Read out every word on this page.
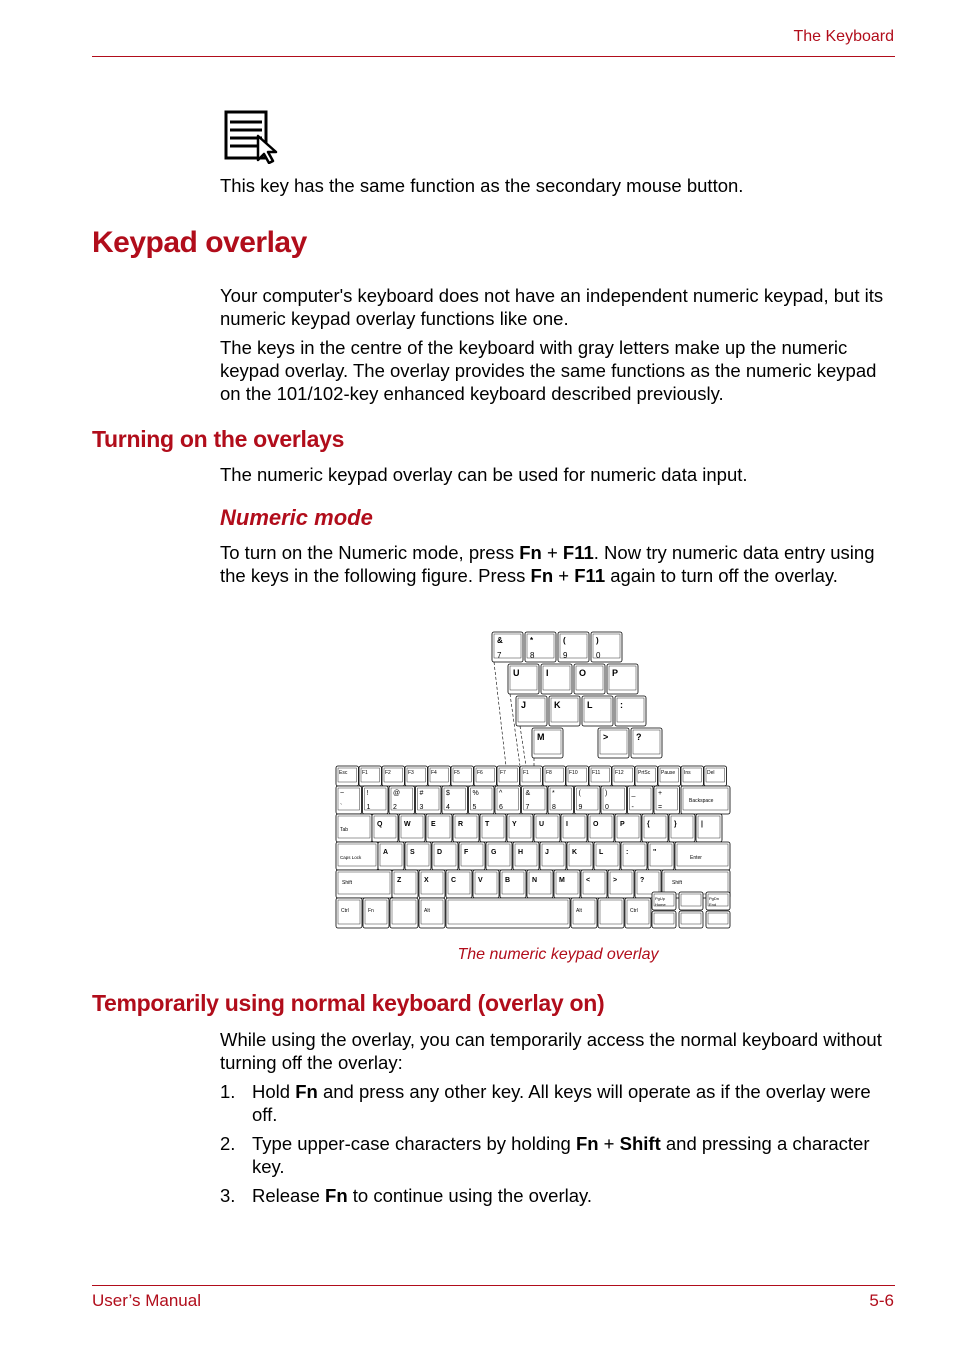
The Keyboard

This key has the same function as the secondary mouse button.

Keypad overlay

Your computer's keyboard does not have an independent numeric keypad, but its numeric keypad overlay functions like one.

The keys in the centre of the keyboard with gray letters make up the numeric keypad overlay. The overlay provides the same functions as the numeric keypad on the 101/102-key enhanced keyboard described previously.

Turning on the overlays

The numeric keypad overlay can be used for numeric data input.

Numeric mode

To turn on the Numeric mode, press Fn + F11. Now try numeric data entry using the keys in the following figure. Press Fn + F11 again to turn off the overlay.

&
7
*
8
(
9
)
0
U	I	O	P
J	K	L	:
M	>	?
Esc	F1	F2	F3	F4	F5	F6	F7	F1	F8	F10	F11	F12	PrtSc Pause Ins	Del
~
`
!
1
@
2
#
3
$
4
%
5
^
6
&
7
*
8
(
9
)
0
_
-
+
=
Backspace
Tab
Q	W	E	R	T	Y	U	I	O	P	{	}	|
Caps Lock
A	S	D	F	G	H	J	K	L	:	"
Enter
Shift	Z	X	C	V	B	N	M	<	>	?	Shift
Ctrl	Fn	Alt	Alt	Ctrl
PgUp
Home
PgDn
End
The numeric keypad overlay
Temporarily using normal keyboard (overlay on)

While using the overlay, you can temporarily access the normal keyboard without turning off the overlay:

1. Hold Fn and press any other key. All keys will operate as if the overlay were off.
2. Type upper-case characters by holding Fn + Shift and pressing a character key.
3. Release Fn to continue using the overlay.
User’s Manual	5-6
